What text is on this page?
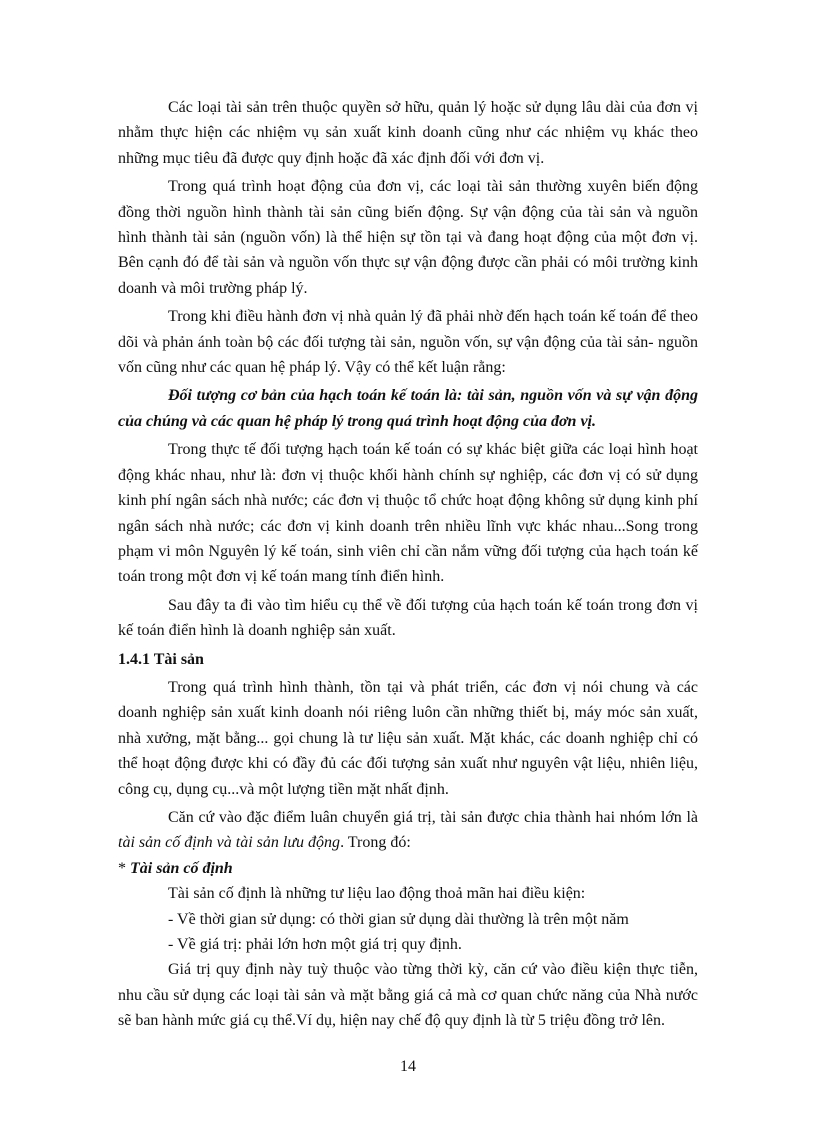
Các loại tài sản trên thuộc quyền sở hữu, quản lý hoặc sử dụng lâu dài của đơn vị nhằm thực hiện các nhiệm vụ sản xuất kinh doanh cũng như các nhiệm vụ khác theo những mục tiêu đã được quy định hoặc đã xác định đối với đơn vị.

Trong quá trình hoạt động của đơn vị, các loại tài sản thường xuyên biến động đồng thời nguồn hình thành tài sản cũng biến động. Sự vận động của tài sản và nguồn hình thành tài sản (nguồn vốn) là thể hiện sự tồn tại và đang hoạt động của một đơn vị. Bên cạnh đó để tài sản và nguồn vốn thực sự vận động được cần phải có môi trường kinh doanh và môi trường pháp lý.

Trong khi điều hành đơn vị nhà quản lý đã phải nhờ đến hạch toán kế toán để theo dõi và phản ánh toàn bộ các đối tượng tài sản, nguồn vốn, sự vận động của tài sản- nguồn vốn cũng như các quan hệ pháp lý. Vậy có thể kết luận rằng:

Đối tượng cơ bản của hạch toán kế toán là: tài sản, nguồn vốn và sự vận động của chúng và các quan hệ pháp lý trong quá trình hoạt động của đơn vị.

Trong thực tế đối tượng hạch toán kế toán có sự khác biệt giữa các loại hình hoạt động khác nhau, như là: đơn vị thuộc khối hành chính sự nghiệp, các đơn vị có sử dụng kinh phí ngân sách nhà nước; các đơn vị thuộc tổ chức hoạt động không sử dụng kinh phí ngân sách nhà nước; các đơn vị kinh doanh trên nhiều lĩnh vực khác nhau...Song trong phạm vi môn Nguyên lý kế toán, sinh viên chỉ cần nắm vững đối tượng của hạch toán kế toán trong một đơn vị kế toán mang tính điển hình.

Sau đây ta đi vào tìm hiểu cụ thể về đối tượng của hạch toán kế toán trong đơn vị kế toán điển hình là doanh nghiệp sản xuất.

1.4.1 Tài sản

Trong quá trình hình thành, tồn tại và phát triển, các đơn vị nói chung và các doanh nghiệp sản xuất kinh doanh nói riêng luôn cần những thiết bị, máy móc sản xuất, nhà xưởng, mặt bằng... gọi chung là tư liệu sản xuất. Mặt khác, các doanh nghiệp chỉ có thể hoạt động được khi có đầy đủ các đối tượng sản xuất như nguyên vật liệu, nhiên liệu, công cụ, dụng cụ...và một lượng tiền mặt nhất định.

Căn cứ vào đặc điểm luân chuyển giá trị, tài sản được chia thành hai nhóm lớn là tài sản cố định và tài sản lưu động. Trong đó:

* Tài sản cố định

Tài sản cố định là những tư liệu lao động thoả mãn hai điều kiện:

- Về thời gian sử dụng: có thời gian sử dụng dài thường là trên một năm

- Về giá trị: phải lớn hơn một giá trị quy định.

Giá trị quy định này tuỳ thuộc vào từng thời kỳ, căn cứ vào điều kiện thực tiễn, nhu cầu sử dụng các loại tài sản và mặt bằng giá cả mà cơ quan chức năng của Nhà nước sẽ ban hành mức giá cụ thể.Ví dụ, hiện nay chế độ quy định là từ 5 triệu đồng trở lên.

14
